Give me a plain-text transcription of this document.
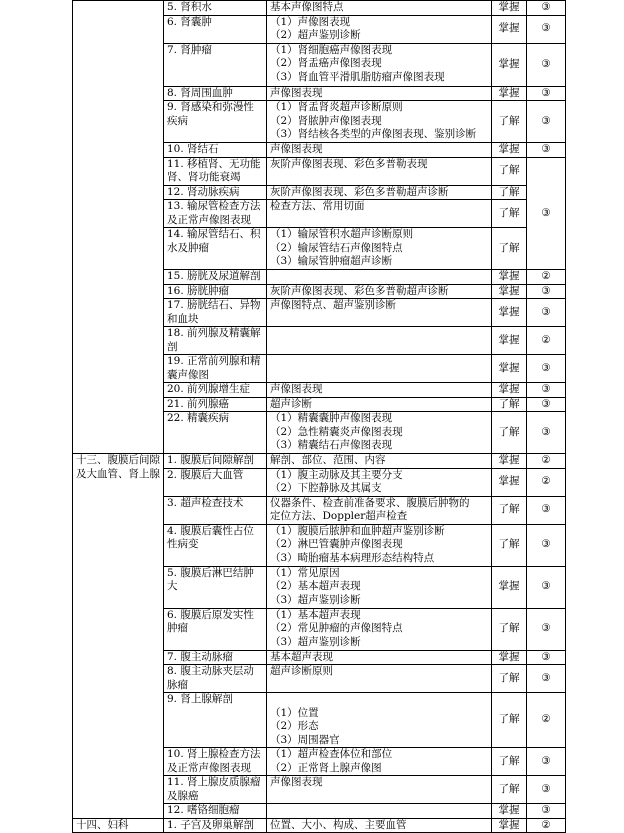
	5. 肾积水	基本声像图特点	掌握	③
	6. 肾囊肿	（1）声像图表现
（2）超声鉴别诊断	掌握	③
	7. 肾肿瘤	（1）肾细胞癌声像图表现
（2）肾盂癌声像图表现
（3）肾血管平滑肌脂肪瘤声像图表现	掌握	③
	8. 肾周围血肿	声像图表现	掌握	③
	9. 肾感染和弥漫性疾病	（1）肾盂肾炎超声诊断原则
（2）肾脓肿声像图表现
（3）肾结核各类型的声像图表现、鉴别诊断	了解	③
	10. 肾结石	声像图表现	掌握	③
	11. 移植肾、无功能肾、肾功能衰竭	灰阶声像图表现、彩色多普勒表现	了解	③
	12. 肾动脉疾病	灰阶声像图表现、彩色多普勒超声诊断	了解	
	13. 输尿管检查方法及正常声像图表现	检查方法、常用切面	了解	
	14. 输尿管结石、积水及肿瘤	（1）输尿管积水超声诊断原则
（2）输尿管结石声像图特点
（3）输尿管肿瘤超声诊断	了解	
	15. 膀胱及尿道解剖		掌握	②
	16. 膀胱肿瘤	灰阶声像图表现、彩色多普勒超声诊断	掌握	③
	17. 膀胱结石、异物和血块	声像图特点、超声鉴别诊断	掌握	③
	18. 前列腺及精囊解剖		掌握	②
	19. 正常前列腺和精囊声像图		掌握	③
	20. 前列腺增生症	声像图表现	掌握	③
	21. 前列腺癌	超声诊断	了解	③
	22. 精囊疾病	（1）精囊囊肿声像图表现
（2）急性精囊炎声像图表现
（3）精囊结石声像图表现	了解	③
十三、腹膜后间隙及大血管、肾上腺	1. 腹膜后间隙解剖	解剖、部位、范围、内容	掌握	②
	2. 腹膜后大血管	（1）腹主动脉及其主要分支
（2）下腔静脉及其属支	掌握	②
	3. 超声检查技术	仪器条件、检查前准备要求、腹膜后肿物的
定位方法、Doppler超声检查	了解	③
	4. 腹膜后囊性占位性病变	（1）腹膜后脓肿和血肿超声鉴别诊断
（2）淋巴管囊肿声像图表现
（3）畸胎瘤基本病理形态结构特点	了解	③
	5. 腹膜后淋巴结肿大	（1）常见原因
（2）基本超声表现
（3）超声鉴别诊断	掌握	③
	6. 腹膜后原发实性肿瘤	（1）基本超声表现
（2）常见肿瘤的声像图特点
（3）超声鉴别诊断	了解	③
	7. 腹主动脉瘤	基本超声表现	掌握	③
	8. 腹主动脉夹层动脉瘤	超声诊断原则	了解	③
	9. 肾上腺解剖	（1）位置
（2）形态
（3）周围器官	了解	②
	10. 肾上腺检查方法及正常声像图表现	（1）超声检查体位和部位
（2）正常肾上腺声像图	了解	③
	11. 肾上腺皮质腺瘤及腺癌	声像图表现	了解	③
	12. 嗜铬细胞瘤		掌握	③
十四、妇科	1. 子宫及卵巢解剖	位置、大小、构成、主要血管	掌握	②
